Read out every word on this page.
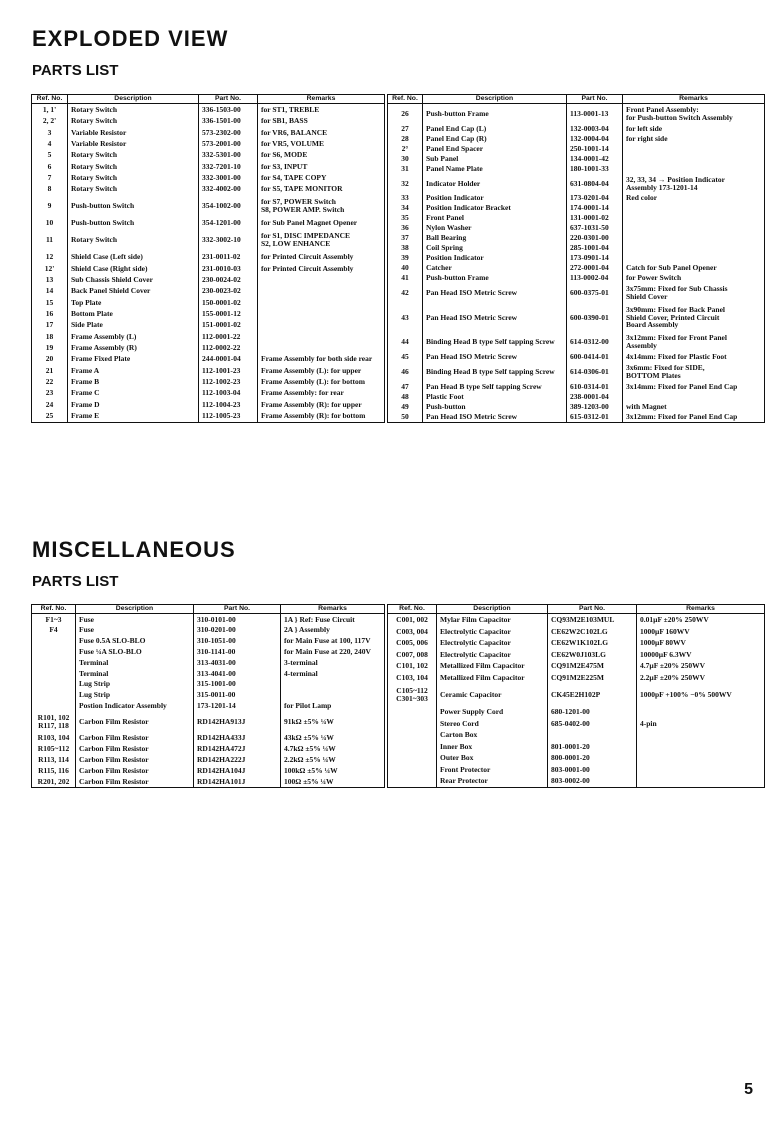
EXPLODED VIEW
PARTS LIST
Ref. No.	Description	Part No.	Remarks
1, 1'	Rotary Switch	336-1503-00	for ST1, TREBLE
2, 2'	Rotary Switch	336-1501-00	for SB1, BASS
3	Variable Resistor	573-2302-00	for VR6, BALANCE
4	Variable Resistor	573-2001-00	for VR5, VOLUME
5	Rotary Switch	332-5301-00	for S6, MODE
6	Rotary Switch	332-7201-10	for S3, INPUT
7	Rotary Switch	332-3001-00	for S4, TAPE COPY
8	Rotary Switch	332-4002-00	for S5, TAPE MONITOR
9	Push-button Switch	354-1002-00	for S7, POWER Switch
S8, POWER AMP. Switch
10	Push-button Switch	354-1201-00	for Sub Panel Magnet Opener
11	Rotary Switch	332-3002-10	for S1, DISC IMPEDANCE
S2, LOW ENHANCE
12	Shield Case (Left side)	231-0011-02	for Printed Circuit Assembly
12'	Shield Case (Right side)	231-0010-03	for Printed Circuit Assembly
13	Sub Chassis Shield Cover	230-0024-02	
14	Back Panel Shield Cover	230-0023-02	
15	Top Plate	150-0001-02	
16	Bottom Plate	155-0001-12	
17	Side Plate	151-0001-02	
18	Frame Assembly (L)	112-0001-22	
19	Frame Assembly (R)	112-0002-22	
20	Frame Fixed Plate	244-0001-04	Frame Assembly for both side rear
21	Frame A	112-1001-23	Frame Assembly (L): for upper
22	Frame B	112-1002-23	Frame Assembly (L): for bottom
23	Frame C	112-1003-04	Frame Assembly: for rear
24	Frame D	112-1004-23	Frame Assembly (R): for upper
25	Frame E	112-1005-23	Frame Assembly (R): for bottom
Ref. No.	Description	Part No.	Remarks
26	Push-button Frame	113-0001-13	Front Panel Assembly:
for Push-button Switch Assembly
27	Panel End Cap (L)	132-0003-04	for left side
28	Panel End Cap (R)	132-0004-04	for right side
2°	Panel End Spacer	250-1001-14	
30	Sub Panel	134-0001-42	
31	Panel Name Plate	180-1001-33	
32	Indicator Holder	631-0804-04	32, 33, 34 → Position Indicator
Assembly 173-1201-14
33	Position Indicator	173-0201-04	Red color
34	Position Indicator Bracket	174-0001-14	
35	Front Panel	131-0001-02	
36	Nylon Washer	637-1031-50	
37	Ball Bearing	220-0301-00	
38	Coil Spring	285-1001-04	
39	Position Indicator	173-0901-14	
40	Catcher	272-0001-04	Catch for Sub Panel Opener
41	Push-button Frame	113-0002-04	for Power Switch
42	Pan Head ISO Metric Screw	600-0375-01	3x75mm: Fixed for Sub Chassis
Shield Cover
43	Pan Head ISO Metric Screw	600-0390-01	3x90mm: Fixed for Back Panel
Shield Cover, Printed Circuit
Board Assembly
44	Binding Head B type Self tapping Screw	614-0312-00	3x12mm: Fixed for Front Panel
Assembly
45	Pan Head ISO Metric Screw	600-0414-01	4x14mm: Fixed for Plastic Foot
46	Binding Head B type Self tapping Screw	614-0306-01	3x6mm: Fixed for SIDE,
BOTTOM Plates
47	Pan Head B type Self tapping Screw	610-0314-01	3x14mm: Fixed for Panel End Cap
48	Plastic Foot	238-0001-04	
49	Push-button	389-1203-00	with Magnet
50	Pan Head ISO Metric Screw	615-0312-01	3x12mm: Fixed for Panel End Cap
MISCELLANEOUS
PARTS LIST
Ref. No.	Description	Part No.	Remarks
F1~3	Fuse	310-0101-00	1A } Ref: Fuse Circuit
F4	Fuse	310-0201-00	2A } Assembly
	Fuse 0.5A SLO-BLO	310-1051-00	for Main Fuse at 100, 117V
	Fuse ¼A SLO-BLO	310-1141-00	for Main Fuse at 220, 240V
	Terminal	313-4031-00	3-terminal
	Terminal	313-4041-00	4-terminal
	Lug Strip	315-1001-00	
	Lug Strip	315-0011-00	
	Postion Indicator Assembly	173-1201-14	for Pilot Lamp
R101, 102
R117, 118	Carbon Film Resistor	RD142HA913J	91kΩ ±5% ¼W
R103, 104	Carbon Film Resistor	RD142HA433J	43kΩ ±5% ¼W
R105~112	Carbon Film Resistor	RD142HA472J	4.7kΩ ±5% ¼W
R113, 114	Carbon Film Resistor	RD142HA222J	2.2kΩ ±5% ¼W
R115, 116	Carbon Film Resistor	RD142HA104J	100kΩ ±5% ¼W
R201, 202	Carbon Film Resistor	RD142HA101J	100Ω ±5% ¼W
Ref. No.	Description	Part No.	Remarks
C001, 002	Mylar Film Capacitor	CQ93M2E103MUL	0.01µF ±20% 250WV
C003, 004	Electrolytic Capacitor	CE62W2C102LG	1000µF 160WV
C005, 006	Electrolytic Capacitor	CE62W1K102LG	1000µF 80WV
C007, 008	Electrolytic Capacitor	CE62W0J103LG	10000µF 6.3WV
C101, 102	Metallized Film Capacitor	CQ91M2E475M	4.7µF ±20% 250WV
C103, 104	Metallized Film Capacitor	CQ91M2E225M	2.2µF ±20% 250WV
C105~112
C301~303	Ceramic Capacitor	CK45E2H102P	1000pF +100% −0% 500WV
	Power Supply Cord	680-1201-00	
	Stereo Cord	685-0402-00	4-pin
	Carton Box		
	Inner Box	801-0001-20	
	Outer Box	800-0001-20	
	Front Protector	803-0001-00	
	Rear Protector	803-0002-00	

5
